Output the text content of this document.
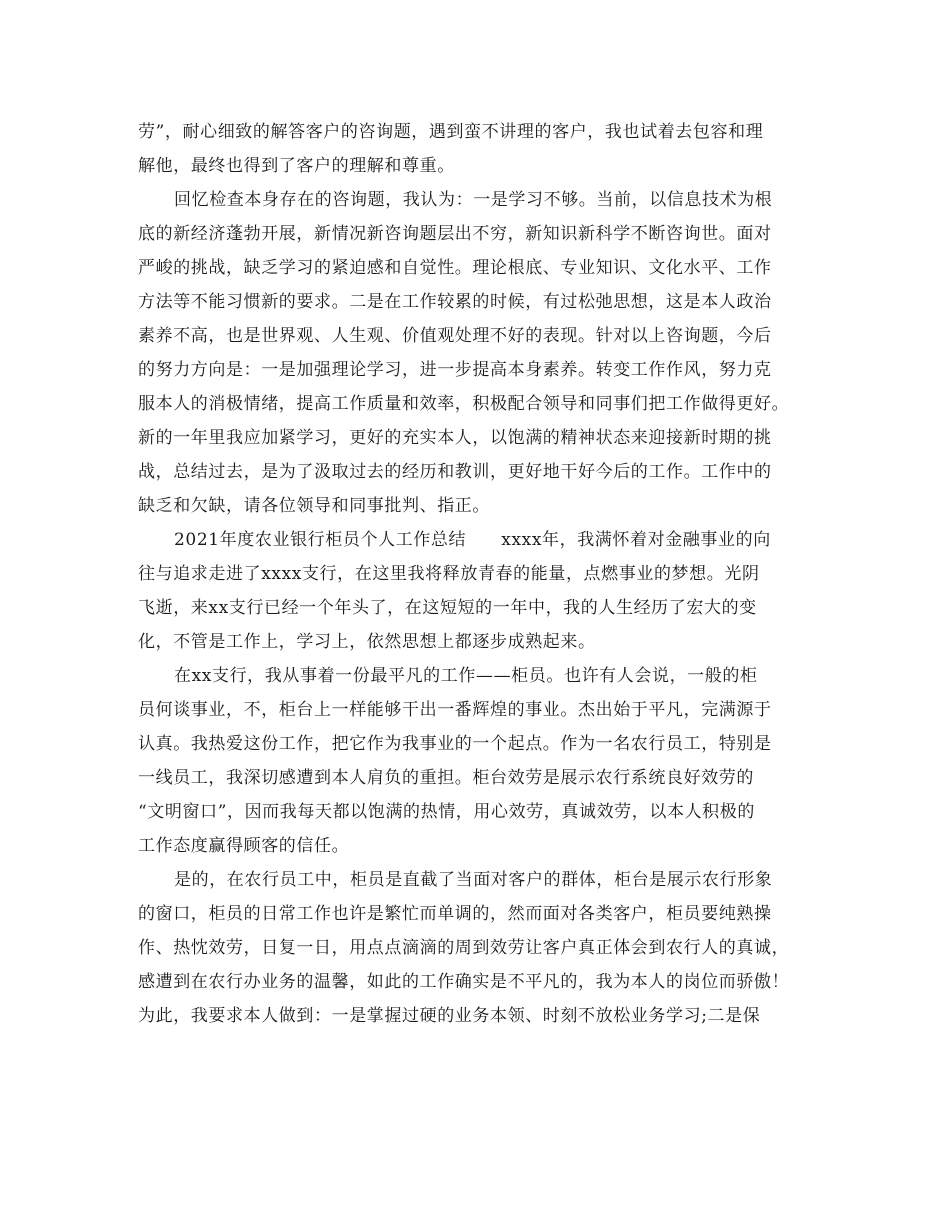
劳”，耐心细致的解答客户的咨询题，遇到蛮不讲理的客户，我也试着去包容和理
解他，最终也得到了客户的理解和尊重。
回忆检查本身存在的咨询题，我认为：一是学习不够。当前，以信息技术为根
底的新经济蓬勃开展，新情况新咨询题层出不穷，新知识新科学不断咨询世。面对
严峻的挑战，缺乏学习的紧迫感和自觉性。理论根底、专业知识、文化水平、工作
方法等不能习惯新的要求。二是在工作较累的时候，有过松弛思想，这是本人政治
素养不高，也是世界观、人生观、价值观处理不好的表现。针对以上咨询题，今后
的努力方向是：一是加强理论学习，进一步提高本身素养。转变工作作风，努力克
服本人的消极情绪，提高工作质量和效率，积极配合领导和同事们把工作做得更好。
新的一年里我应加紧学习，更好的充实本人，以饱满的精神状态来迎接新时期的挑
战，总结过去，是为了汲取过去的经历和教训，更好地干好今后的工作。工作中的
缺乏和欠缺，请各位领导和同事批判、指正。
2021年度农业银行柜员个人工作总结　　xxxx年，我满怀着对金融事业的向
往与追求走进了xxxx支行，在这里我将释放青春的能量，点燃事业的梦想。光阴
飞逝，来xx支行已经一个年头了，在这短短的一年中，我的人生经历了宏大的变
化，不管是工作上，学习上，依然思想上都逐步成熟起来。
在xx支行，我从事着一份最平凡的工作——柜员。也许有人会说，一般的柜
员何谈事业，不，柜台上一样能够干出一番辉煌的事业。杰出始于平凡，完满源于
认真。我热爱这份工作，把它作为我事业的一个起点。作为一名农行员工，特别是
一线员工，我深切感遭到本人肩负的重担。柜台效劳是展示农行系统良好效劳的
“文明窗口”，因而我每天都以饱满的热情，用心效劳，真诚效劳，以本人积极的
工作态度赢得顾客的信任。
是的，在农行员工中，柜员是直截了当面对客户的群体，柜台是展示农行形象
的窗口，柜员的日常工作也许是繁忙而单调的，然而面对各类客户，柜员要纯熟操
作、热忱效劳，日复一日，用点点滴滴的周到效劳让客户真正体会到农行人的真诚，
感遭到在农行办业务的温馨，如此的工作确实是不平凡的，我为本人的岗位而骄傲！
为此，我要求本人做到：一是掌握过硬的业务本领、时刻不放松业务学习;二是保
